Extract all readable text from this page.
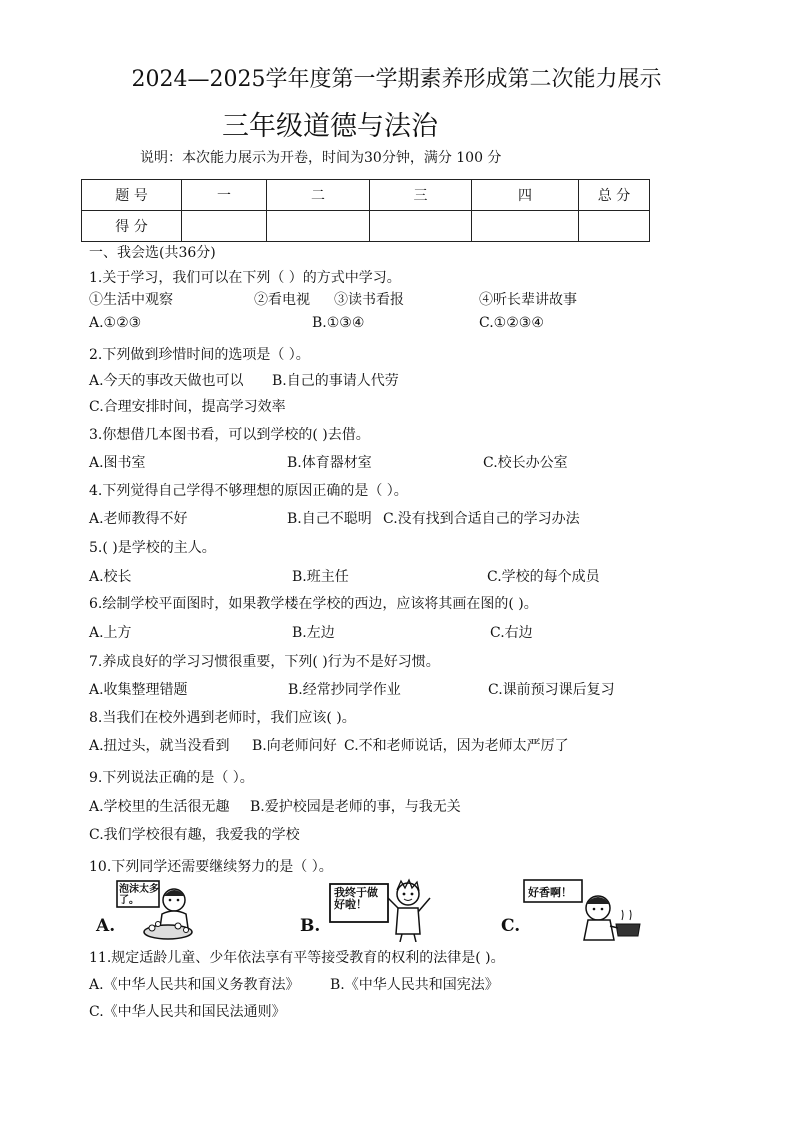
2024—2025学年度第一学期素养形成第二次能力展示
三年级道德与法治
说明：本次能力展示为开卷，时间为30分钟，满分 100 分
题 号	一	二	三	四	总 分
得 分					
一、我会选(共36分)
1.关于学习，我们可以在下列（ ）的方式中学习。
①生活中观察	②看电视 ③读书看报	④听长辈讲故事
A.①②③	B.①③④	C.①②③④
2.下列做到珍惜时间的选项是（ ）。
A.今天的事改天做也可以 B.自己的事请人代劳
C.合理安排时间，提高学习效率
3.你想借几本图书看，可以到学校的( )去借。
A.图书室	B.体育器材室	C.校长办公室
4.下列觉得自己学得不够理想的原因正确的是（ ）。
A.老师教得不好	B.自己不聪明 C.没有找到合适自己的学习办法
5.( )是学校的主人。
A.校长	B.班主任	C.学校的每个成员
6.绘制学校平面图时，如果教学楼在学校的西边，应该将其画在图的( )。
A.上方	B.左边	C.右边
7.养成良好的学习习惯很重要，下列( )行为不是好习惯。
A.收集整理错题	B.经常抄同学作业	C.课前预习课后复习
8.当我们在校外遇到老师时，我们应该( )。
A.扭过头，就当没看到 B.向老师问好 C.不和老师说话，因为老师太严厉了
9.下列说法正确的是（ ）。
A.学校里的生活很无趣 B.爱护校园是老师的事，与我无关
C.我们学校很有趣，我爱我的学校
10.下列同学还需要继续努力的是（ ）。
A.
泡沫太多了。
B.
我终于做好啦！
C.
好香啊！
11.规定适龄儿童、少年依法享有平等接受教育的权利的法律是( )。
A.《中华人民共和国义务教育法》 B.《中华人民共和国宪法》
C.《中华人民共和国民法通则》
